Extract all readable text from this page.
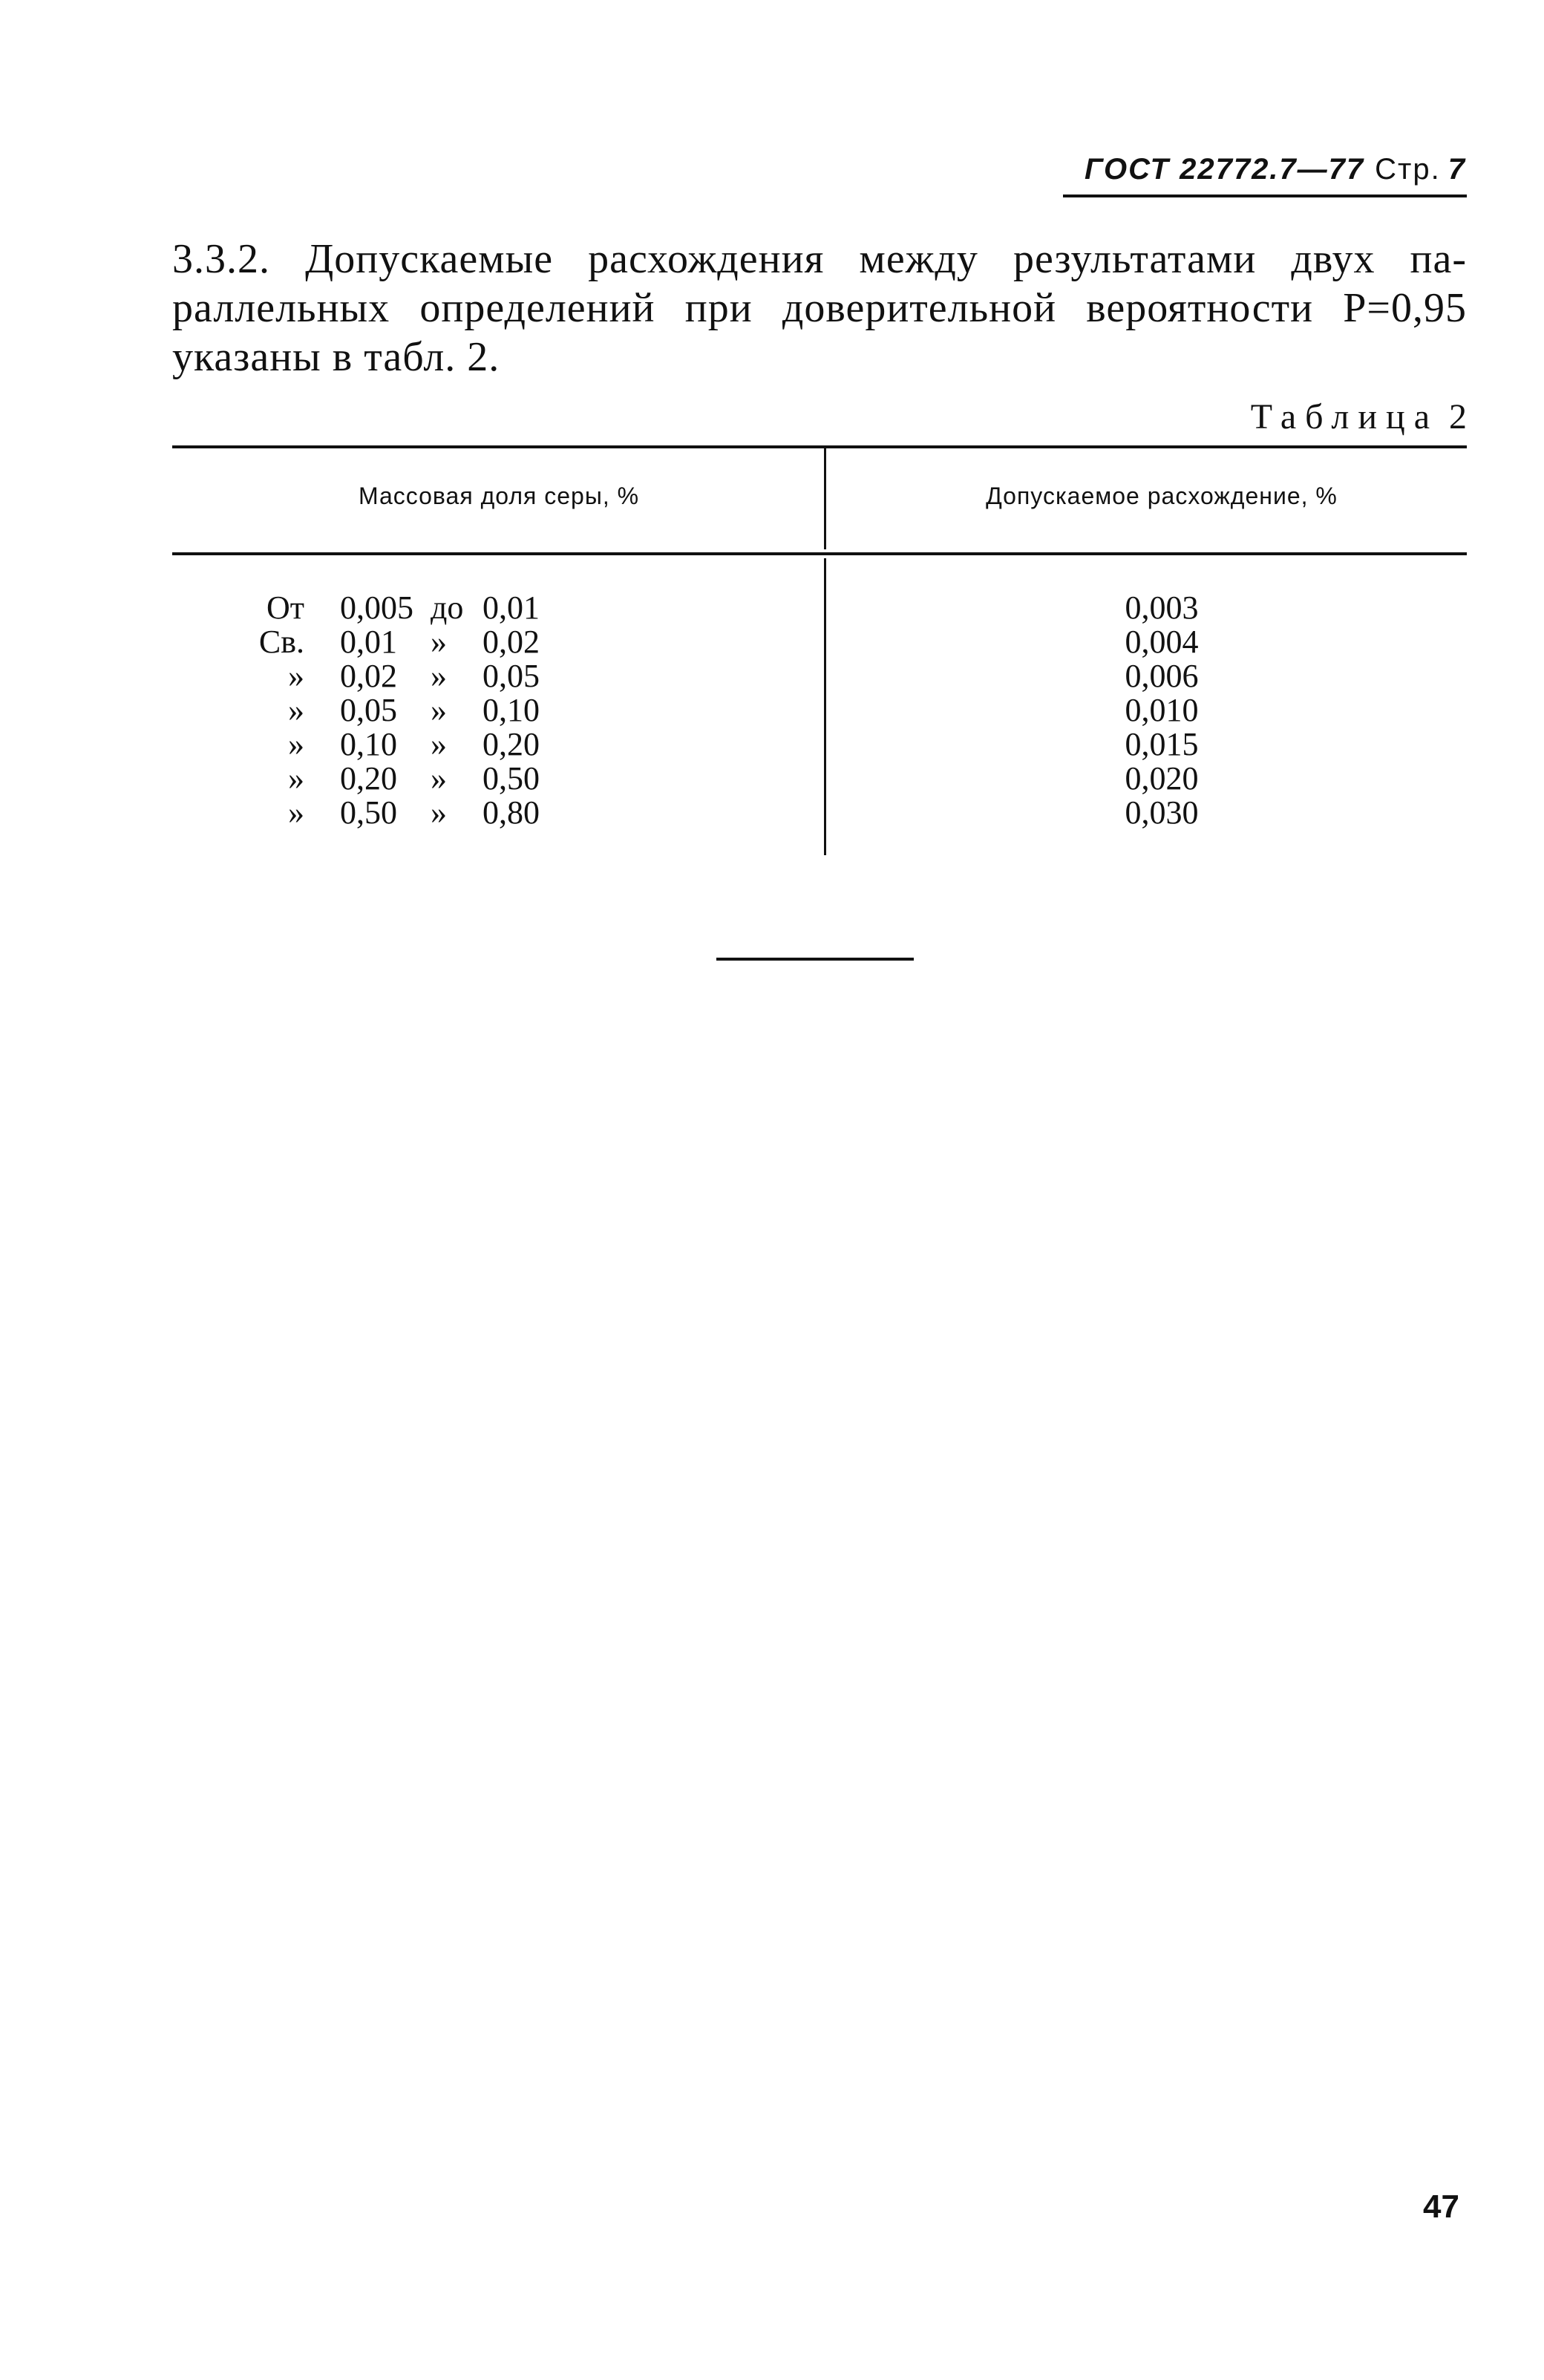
ГОСТ 22772.7—77 Стр. 7
3.3.2. Допускаемые расхождения между результатами двух па-
раллельных определений при доверительной вероятности P=0,95
указаны в табл. 2.
Таблица 2
Массовая доля серы, %	Допускаемое расхождение, %
От 0,005 до 0,01	0,003
Св. 0,01 » 0,02	0,004
» 0,02 » 0,05	0,006
» 0,05 » 0,10	0,010
» 0,10 » 0,20	0,015
» 0,20 » 0,50	0,020
» 0,50 » 0,80	0,030
47
